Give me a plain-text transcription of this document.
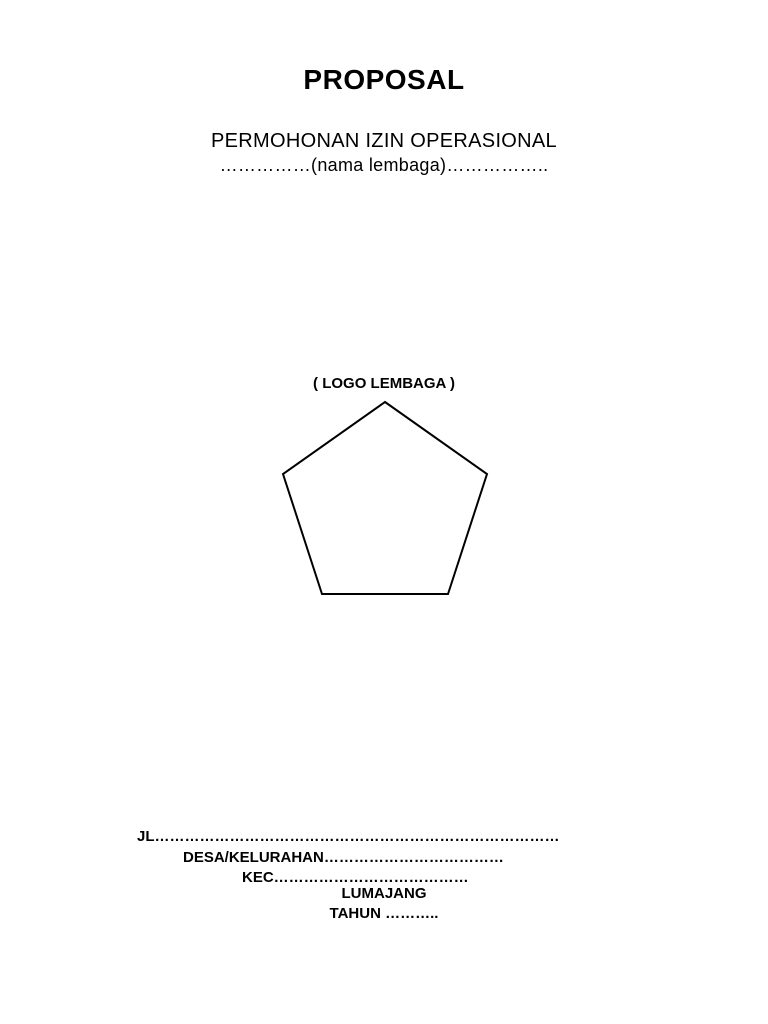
PROPOSAL
PERMOHONAN IZIN OPERASIONAL
……………(nama lembaga)……………..
( LOGO LEMBAGA )
JL………………………………………………………………………
DESA/KELURAHAN………………………………
KEC…………………………………
LUMAJANG
TAHUN ………..
